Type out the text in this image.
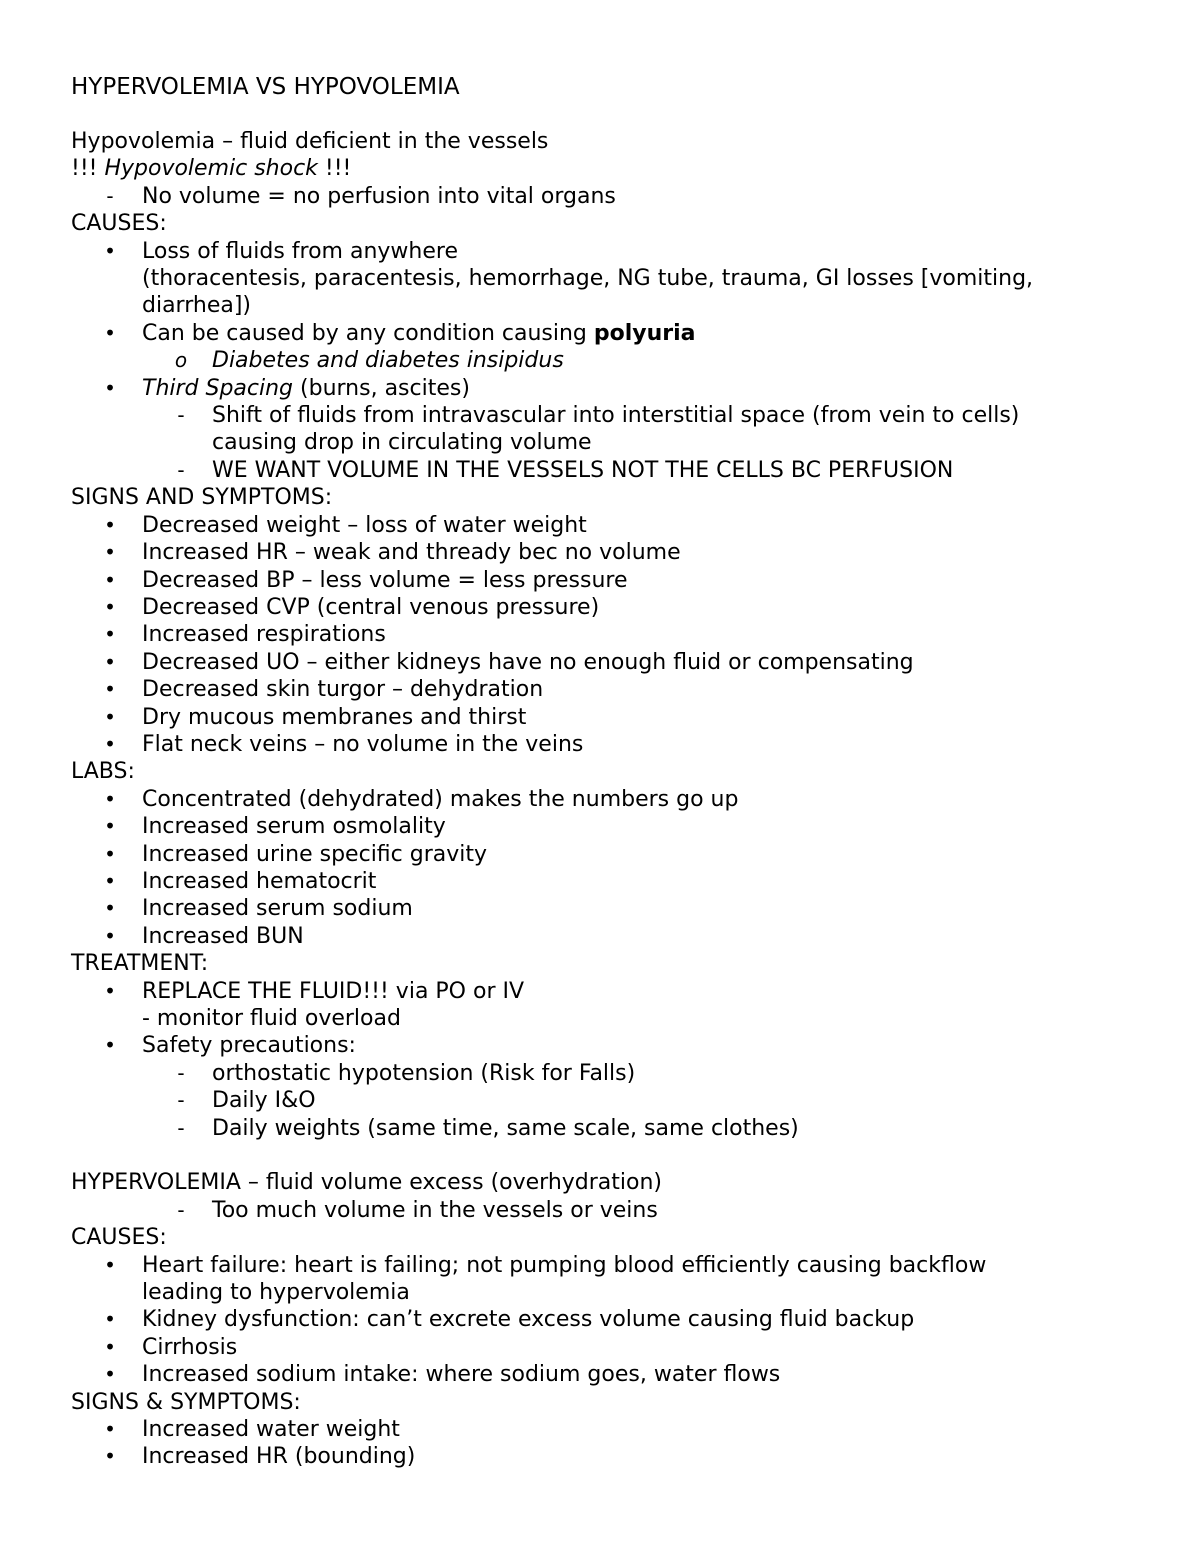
HYPERVOLEMIA VS HYPOVOLEMIA
Hypovolemia – fluid deficient in the vessels
!!! Hypovolemic shock !!!
-	No volume = no perfusion into vital organs
CAUSES:
•	Loss of fluids from anywhere
(thoracentesis, paracentesis, hemorrhage, NG tube, trauma, GI losses [vomiting,
diarrhea])
•	Can be caused by any condition causing polyuria
o	Diabetes and diabetes insipidus
•	Third Spacing (burns, ascites)
-	Shift of fluids from intravascular into interstitial space (from vein to cells)
causing drop in circulating volume
-	WE WANT VOLUME IN THE VESSELS NOT THE CELLS BC PERFUSION
SIGNS AND SYMPTOMS:
•	Decreased weight – loss of water weight
•	Increased HR – weak and thready bec no volume
•	Decreased BP – less volume = less pressure
•	Decreased CVP (central venous pressure)
•	Increased respirations
•	Decreased UO – either kidneys have no enough fluid or compensating
•	Decreased skin turgor – dehydration
•	Dry mucous membranes and thirst
•	Flat neck veins – no volume in the veins
LABS:
•	Concentrated (dehydrated) makes the numbers go up
•	Increased serum osmolality
•	Increased urine specific gravity
•	Increased hematocrit
•	Increased serum sodium
•	Increased BUN
TREATMENT:
•	REPLACE THE FLUID!!! via PO or IV
- monitor fluid overload
•	Safety precautions:
-	orthostatic hypotension (Risk for Falls)
-	Daily I&O
-	Daily weights (same time, same scale, same clothes)
HYPERVOLEMIA – fluid volume excess (overhydration)
-	Too much volume in the vessels or veins
CAUSES:
•	Heart failure: heart is failing; not pumping blood efficiently causing backflow
leading to hypervolemia
•	Kidney dysfunction: can’t excrete excess volume causing fluid backup
•	Cirrhosis
•	Increased sodium intake: where sodium goes, water flows
SIGNS & SYMPTOMS:
•	Increased water weight
•	Increased HR (bounding)
